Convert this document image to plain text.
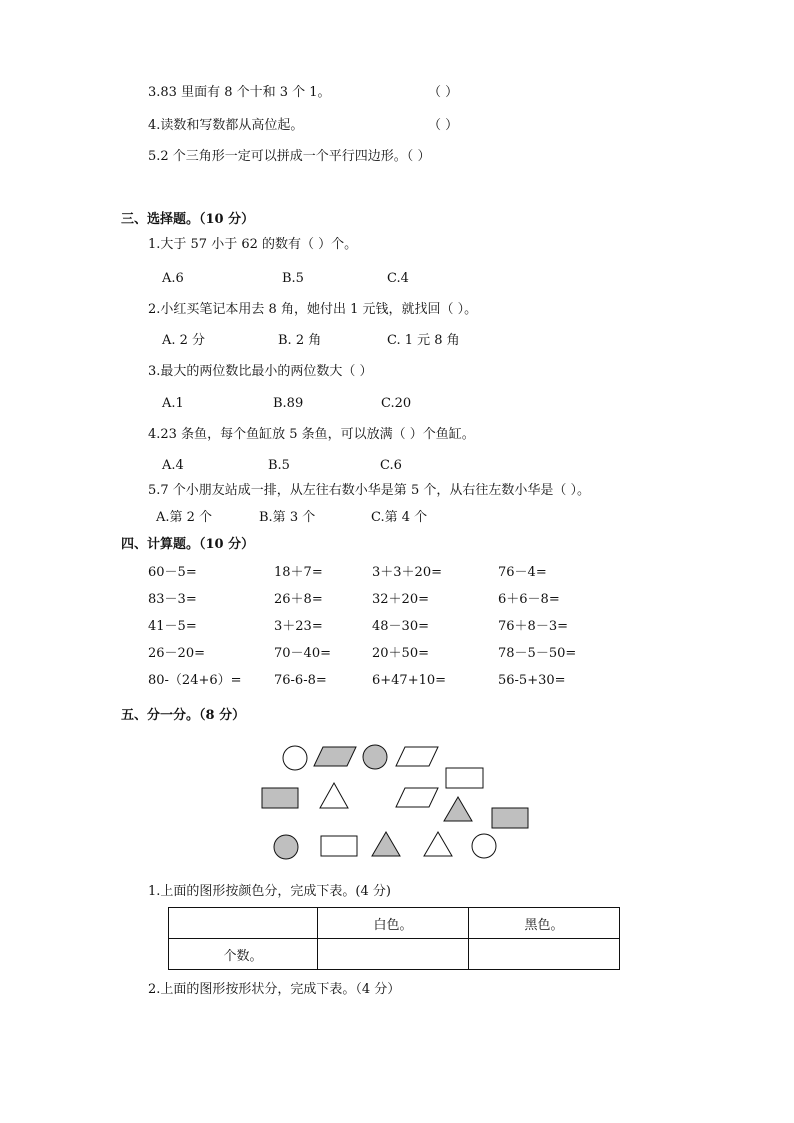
3.83 里面有 8 个十和 3 个 1。	（ ）
4.读数和写数都从高位起。	（ ）
5.2 个三角形一定可以拼成一个平行四边形。（ ）
三、选择题。（10 分）
1.大于 57 小于 62 的数有（ ）个。
A.6	B.5	C.4
2.小红买笔记本用去 8 角，她付出 1 元钱，就找回（ ）。
A. 2 分	B. 2 角	C. 1 元 8 角
3.最大的两位数比最小的两位数大（ ）
A.1	B.89	C.20
4.23 条鱼，每个鱼缸放 5 条鱼，可以放满（ ）个鱼缸。
A.4	B.5	C.6
5.7 个小朋友站成一排，从左往右数小华是第 5 个，从右往左数小华是（ ）。
A.第 2 个	B.第 3 个	C.第 4 个
四、计算题。（10 分）
60－5=	18＋7=	3＋3＋20=	76－4=
83－3=	26＋8=	32＋20=	6＋6－8=
41－5=	3＋23=	48－30=	76＋8－3=
26－20=	70－40=	20＋50=	78－5－50=
80-（24+6）= 76-6-8=	6+47+10=	56-5+30=
五、分一分。（8 分）
1.上面的图形按颜色分，完成下表。(4 分)
	白色。	黑色。
个数。		
2.上面的图形按形状分，完成下表。（4 分）
